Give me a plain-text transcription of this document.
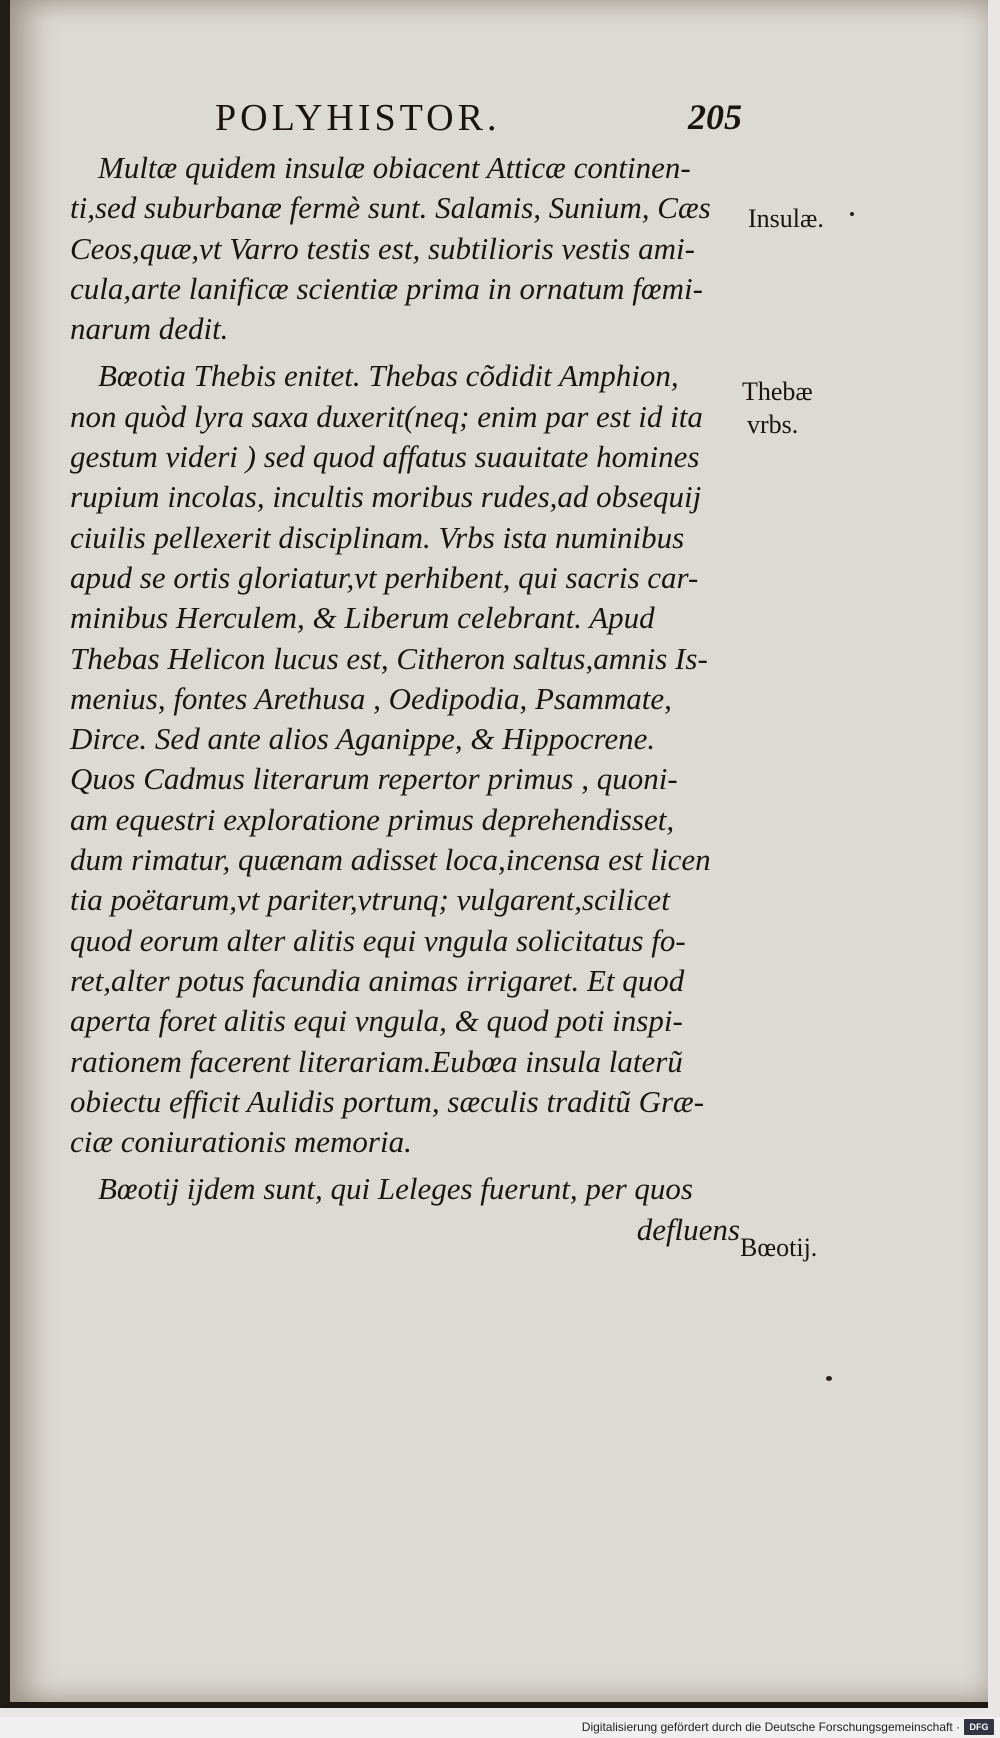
POLYHISTOR.	205
Multæ quidem insulæ obiacent Atticæ continen-
ti,sed suburbanæ fermè sunt. Salamis, Sunium, Cæs
Ceos,quæ,vt Varro testis est, subtilioris vestis ami-
cula,arte lanificæ scientiæ prima in ornatum fœmi-
narum dedit.
Bœotia Thebis enitet. Thebas cõdidit Amphion,
non quòd lyra saxa duxerit(neq; enim par est id ita
gestum videri ) sed quod affatus suauitate homines
rupium incolas, incultis moribus rudes,ad obsequij
ciuilis pellexerit disciplinam. Vrbs ista numinibus
apud se ortis gloriatur,vt perhibent, qui sacris car-
minibus Herculem, & Liberum celebrant. Apud
Thebas Helicon lucus est, Citheron saltus,amnis Is-
menius, fontes Arethusa , Oedipodia, Psammate,
Dirce. Sed ante alios Aganippe, & Hippocrene.
Quos Cadmus literarum repertor primus , quoni-
am equestri exploratione primus deprehendisset,
dum rimatur, quænam adisset loca,incensa est licen
tia poëtarum,vt pariter,vtrunq; vulgarent,scilicet
quod eorum alter alitis equi vngula solicitatus fo-
ret,alter potus facundia animas irrigaret. Et quod
aperta foret alitis equi vngula, & quod poti inspi-
rationem facerent literariam.Eubœa insula laterũ
obiectu efficit Aulidis portum, sæculis traditũ Græ-
ciæ coniurationis memoria.
Bœotij ijdem sunt, qui Leleges fuerunt, per quos
defluens
Insulæ.
Thebæ
vrbs.
Bœotij.
Digitalisierung gefördert durch die Deutsche Forschungsgemeinschaft ·	DFG
